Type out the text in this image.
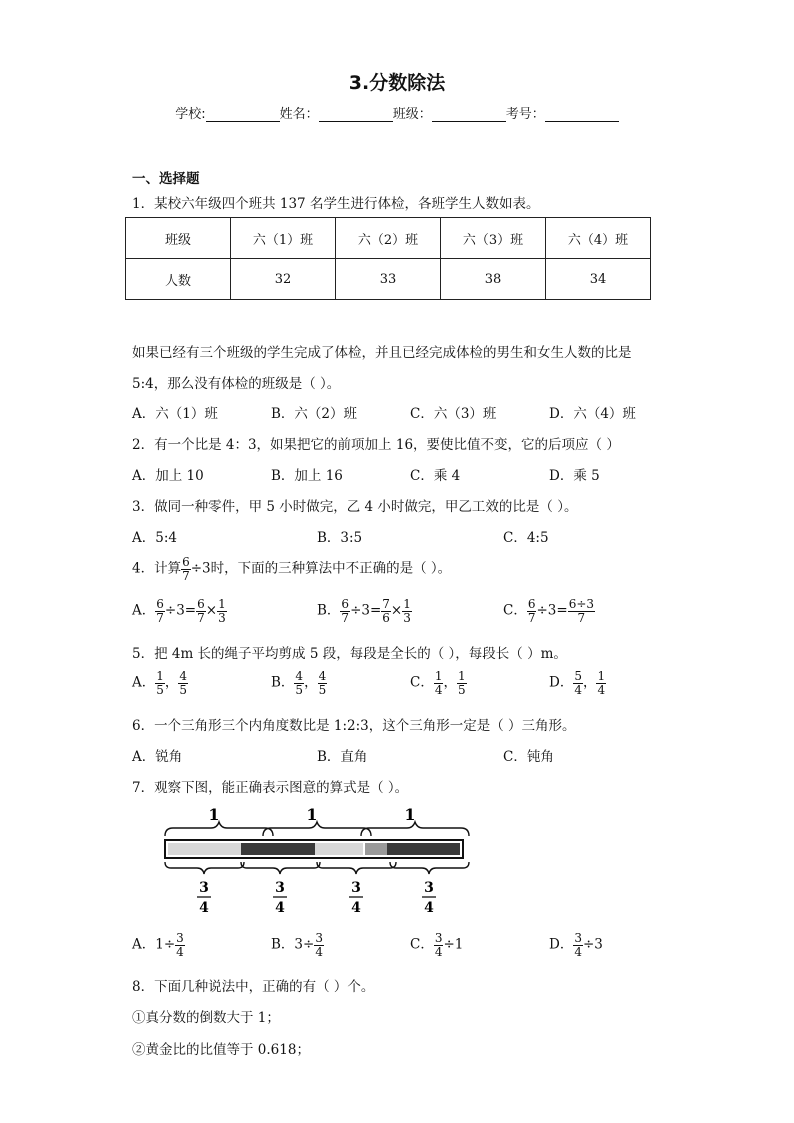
3.分数除法
学校:	姓名：	班级：	考号：
一、选择题
1．某校六年级四个班共 137 名学生进行体检，各班学生人数如表。
班级	六（1）班	六（2）班	六（3）班	六（4）班
人数	32	33	38	34
如果已经有三个班级的学生完成了体检，并且已经完成体检的男生和女生人数的比是
5:4，那么没有体检的班级是（ ）。
A．六（1）班	B．六（2）班	C．六（3）班	D．六（4）班
2．有一个比是 4：3，如果把它的前项加上 16，要使比值不变，它的后项应（ ）
A．加上 10	B．加上 16	C．乘 4	D．乘 5
3．做同一种零件，甲 5 小时做完，乙 4 小时做完，甲乙工效的比是（ ）。
A．5:4	B．3:5	C．4:5
4．计算 $\frac{6}{7} \div 3$时，下面的三种算法中不正确的是（ ）。
A． $\frac{6}{7} \div 3= \frac{6}{7} \times \frac{1}{3}$	B． $\frac{6}{7} \div 3= \frac{7}{6} \times \frac{1}{3}$	C． $\frac{6}{7} \div 3= \frac{6\div 3}{7}$
5．把 4m 长的绳子平均剪成 5 段，每段是全长的（ ），每段长（ ）m。
A． $\frac{1}{5}$ ， $\frac{4}{5}$	B． $\frac{4}{5}$ ， $\frac{4}{5}$	C． $\frac{1}{4}$ ， $\frac{1}{5}$	D． $\frac{5}{4}$ ， $\frac{1}{4}$
6．一个三角形三个内角度数比是 1:2:3，这个三角形一定是（ ）三角形。
A．锐角	B．直角	C．钝角
7．观察下图，能正确表示图意的算式是（ ）。
1	1	1
3
4
3
4
3
4
3
4
A．$1\div \frac{3}{4}$	B．$3\div \frac{3}{4}$	C． $\frac{3}{4} \div 1$	D． $\frac{3}{4} \div 3$
8．下面几种说法中，正确的有（ ）个。
①真分数的倒数大于 1；
②黄金比的比值等于 0.618；
